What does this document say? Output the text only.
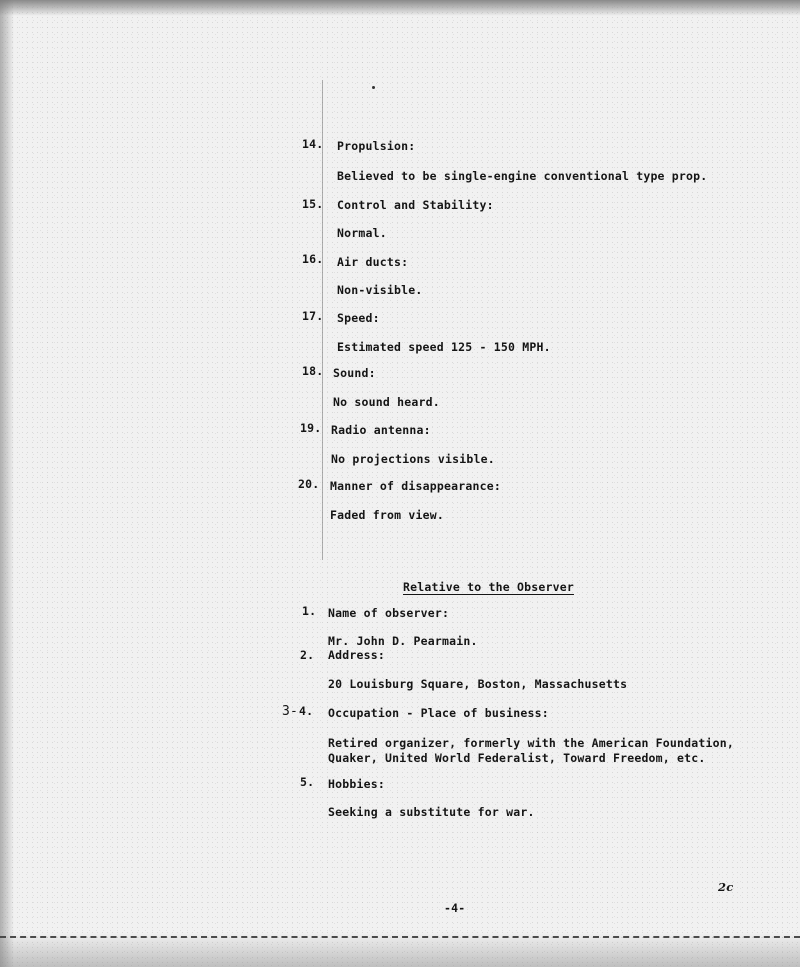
14. Propulsion:
Believed to be single-engine conventional type prop.
15. Control and Stability:
Normal.
16. Air ducts:
Non-visible.
17. Speed:
Estimated speed 125 - 150 MPH.
18. Sound:
No sound heard.
19. Radio antenna:
No projections visible.
20. Manner of disappearance:
Faded from view.
Relative to the Observer
1. Name of observer:
Mr. John D. Pearmain.
2. Address:
20 Louisburg Square, Boston, Massachusetts
3- 4. Occupation - Place of business:
Retired organizer, formerly with the American Foundation,
Quaker, United World Federalist, Toward Freedom, etc.
5. Hobbies:
Seeking a substitute for war.
-4-
2c
